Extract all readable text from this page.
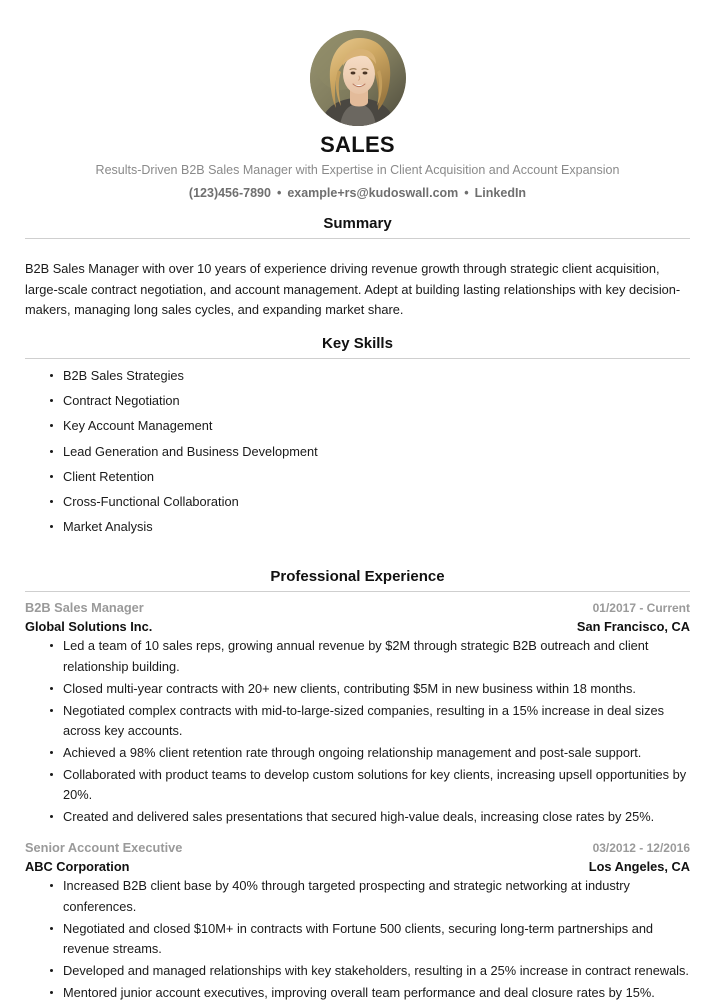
SALES
Results-Driven B2B Sales Manager with Expertise in Client Acquisition and Account Expansion
(123)456-7890 • example+rs@kudoswall.com • LinkedIn
Summary

B2B Sales Manager with over 10 years of experience driving revenue growth through strategic client acquisition, large-scale contract negotiation, and account management. Adept at building lasting relationships with key decision-makers, managing long sales cycles, and expanding market share.

Key Skills
B2B Sales Strategies
Contract Negotiation
Key Account Management
Lead Generation and Business Development
Client Retention
Cross-Functional Collaboration
Market Analysis
Professional Experience
B2B Sales Manager	01/2017 - Current
Global Solutions Inc.	San Francisco, CA
Led a team of 10 sales reps, growing annual revenue by $2M through strategic B2B outreach and client relationship building.
Closed multi-year contracts with 20+ new clients, contributing $5M in new business within 18 months.
Negotiated complex contracts with mid-to-large-sized companies, resulting in a 15% increase in deal sizes across key accounts.
Achieved a 98% client retention rate through ongoing relationship management and post-sale support.
Collaborated with product teams to develop custom solutions for key clients, increasing upsell opportunities by 20%.
Created and delivered sales presentations that secured high-value deals, increasing close rates by 25%.
Senior Account Executive	03/2012 - 12/2016
ABC Corporation	Los Angeles, CA
Increased B2B client base by 40% through targeted prospecting and strategic networking at industry conferences.
Negotiated and closed $10M+ in contracts with Fortune 500 clients, securing long-term partnerships and revenue streams.
Developed and managed relationships with key stakeholders, resulting in a 25% increase in contract renewals.
Mentored junior account executives, improving overall team performance and deal closure rates by 15%.
